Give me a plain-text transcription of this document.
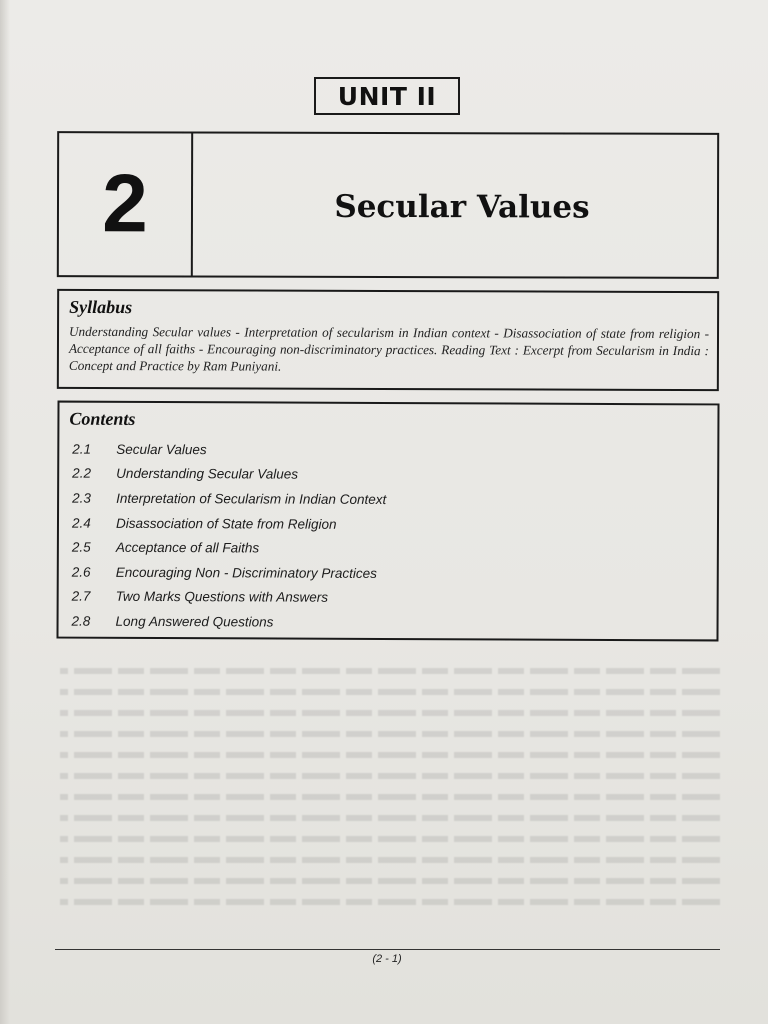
UNIT II
2	Secular Values
Syllabus
Understanding Secular values - Interpretation of secularism in Indian context - Disassociation of state from religion - Acceptance of all faiths - Encouraging non-discriminatory practices. Reading Text : Excerpt from Secularism in India : Concept and Practice by Ram Puniyani.
Contents
2.1	Secular Values
2.2	Understanding Secular Values
2.3	Interpretation of Secularism in Indian Context
2.4	Disassociation of State from Religion
2.5	Acceptance of all Faiths
2.6	Encouraging Non - Discriminatory Practices
2.7	Two Marks Questions with Answers
2.8	Long Answered Questions
(2 - 1)
